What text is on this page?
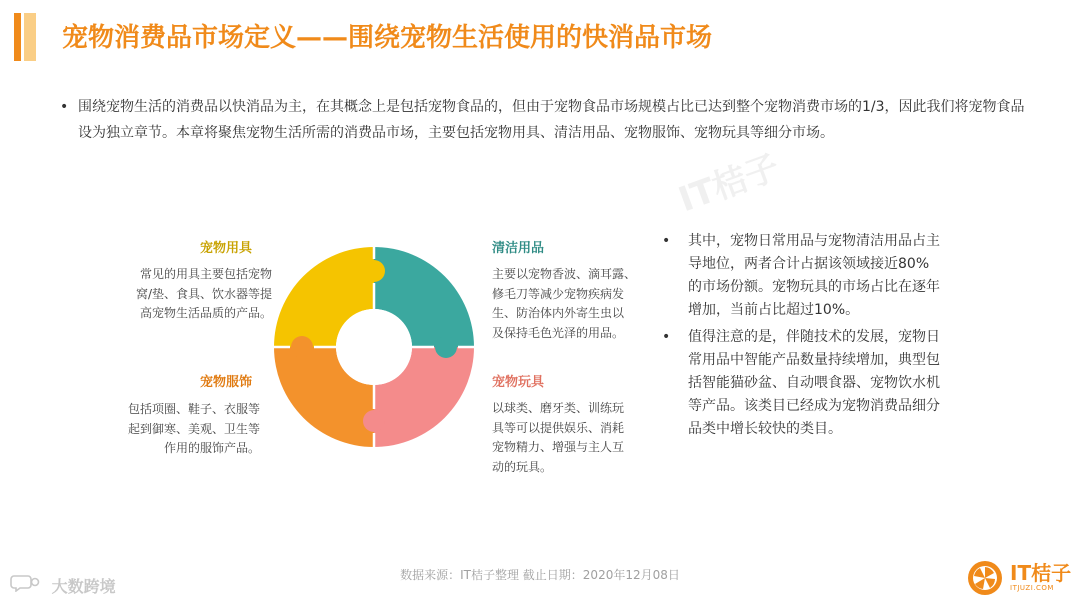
宠物消费品市场定义——围绕宠物生活使用的快消品市场
• 围绕宠物生活的消费品以快消品为主，在其概念上是包括宠物食品的，但由于宠物食品市场规模占比已达到整个宠物消费市场的1/3，因此我们将宠物食品设为独立章节。本章将聚焦宠物生活所需的消费品市场，主要包括宠物用具、清洁用品、宠物服饰、宠物玩具等细分市场。
IT桔子
宠物用具
常见的用具主要包括宠物
窝/垫、食具、饮水器等提
高宠物生活品质的产品。
宠物服饰
包括项圈、鞋子、衣服等
起到御寒、美观、卫生等
作用的服饰产品。
清洁用品
主要以宠物香波、滴耳露、
修毛刀等减少宠物疾病发
生、防治体内外寄生虫以
及保持毛色光泽的用品。
宠物玩具
以球类、磨牙类、训练玩
具等可以提供娱乐、消耗
宠物精力、增强与主人互
动的玩具。
• 其中，宠物日常用品与宠物清洁用品占主
导地位，两者合计占据该领域接近80%
的市场份额。宠物玩具的市场占比在逐年
增加，当前占比超过10%。
• 值得注意的是，伴随技术的发展，宠物日
常用品中智能产品数量持续增加，典型包
括智能猫砂盆、自动喂食器、宠物饮水机
等产品。该类目已经成为宠物消费品细分
品类中增长较快的类目。
数据来源：IT桔子整理 截止日期：2020年12月08日
大数跨境
IT桔子
ITJUZI.COM
